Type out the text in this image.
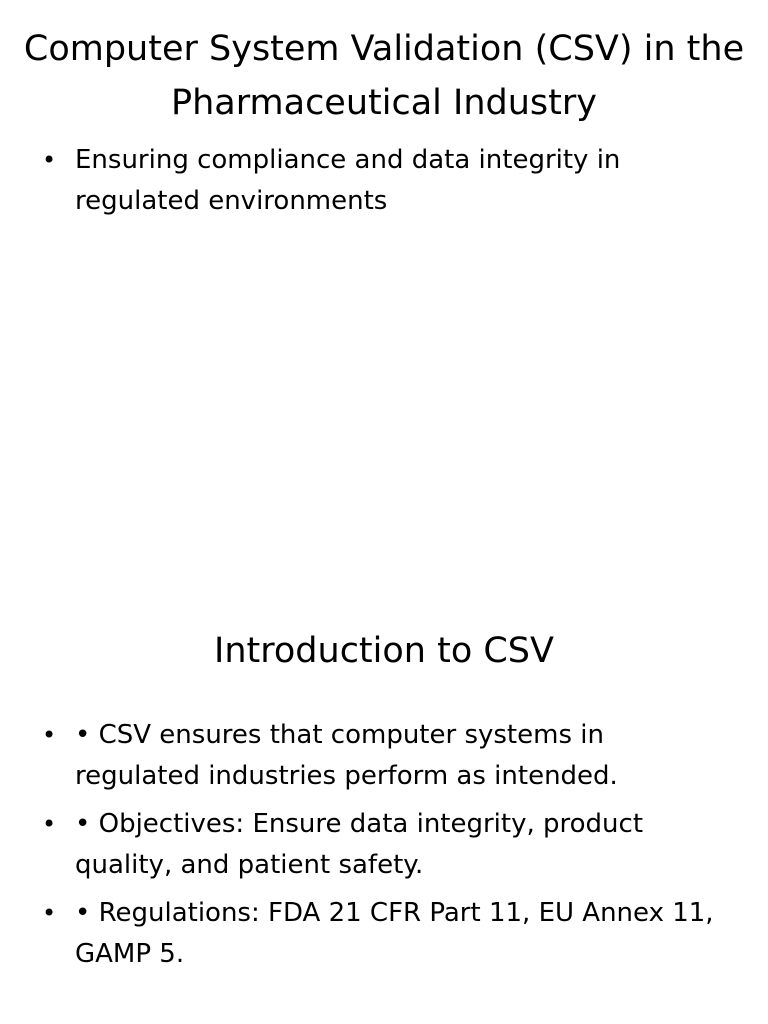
Computer System Validation (CSV) in the Pharmaceutical Industry
• Ensuring compliance and data integrity in regulated environments
Introduction to CSV
• • CSV ensures that computer systems in regulated industries perform as intended.
• • Objectives: Ensure data integrity, product quality, and patient safety.
• • Regulations: FDA 21 CFR Part 11, EU Annex 11, GAMP 5.
